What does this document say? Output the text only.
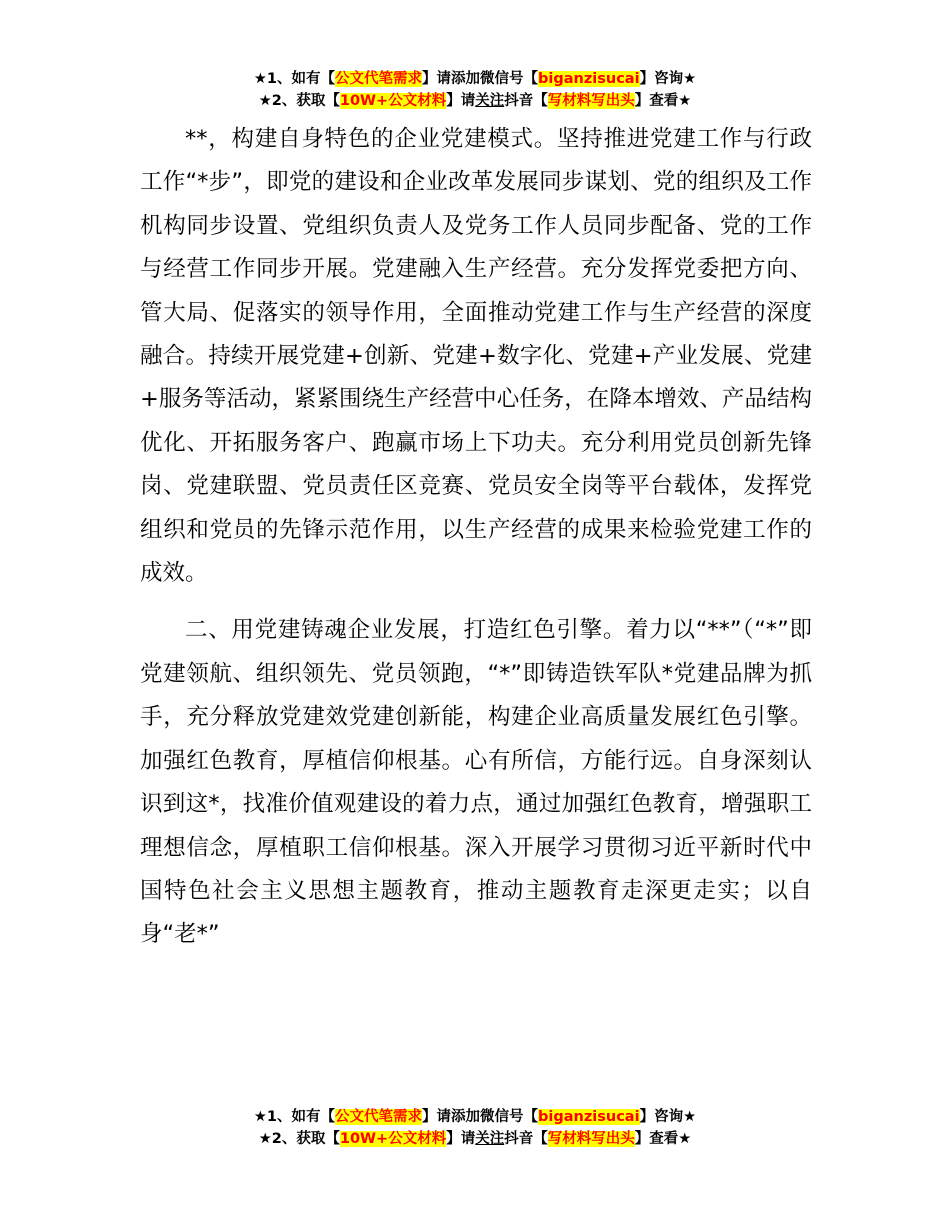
★1、如有【公文代笔需求】请添加微信号【biganzisucai】咨询★
★2、获取【10W+公文材料】请关注抖音【写材料写出头】查看★

**，构建自身特色的企业党建模式。坚持推进党建工作与行政工作“*步”，即党的建设和企业改革发展同步谋划、党的组织及工作机构同步设置、党组织负责人及党务工作人员同步配备、党的工作与经营工作同步开展。党建融入生产经营。充分发挥党委把方向、管大局、促落实的领导作用，全面推动党建工作与生产经营的深度融合。持续开展党建+创新、党建+数字化、党建+产业发展、党建+服务等活动，紧紧围绕生产经营中心任务，在降本增效、产品结构优化、开拓服务客户、跑赢市场上下功夫。充分利用党员创新先锋岗、党建联盟、党员责任区竞赛、党员安全岗等平台载体，发挥党组织和党员的先锋示范作用，以生产经营的成果来检验党建工作的成效。

二、用党建铸魂企业发展，打造红色引擎。着力以“**”（“*”即党建领航、组织领先、党员领跑，“*”即铸造铁军队*党建品牌为抓手，充分释放党建效党建创新能，构建企业高质量发展红色引擎。加强红色教育，厚植信仰根基。心有所信，方能行远。自身深刻认识到这*，找准价值观建设的着力点，通过加强红色教育，增强职工理想信念，厚植职工信仰根基。深入开展学习贯彻习近平新时代中国特色社会主义思想主题教育，推动主题教育走深更走实；以自身“老*”

★1、如有【公文代笔需求】请添加微信号【biganzisucai】咨询★
★2、获取【10W+公文材料】请关注抖音【写材料写出头】查看★
